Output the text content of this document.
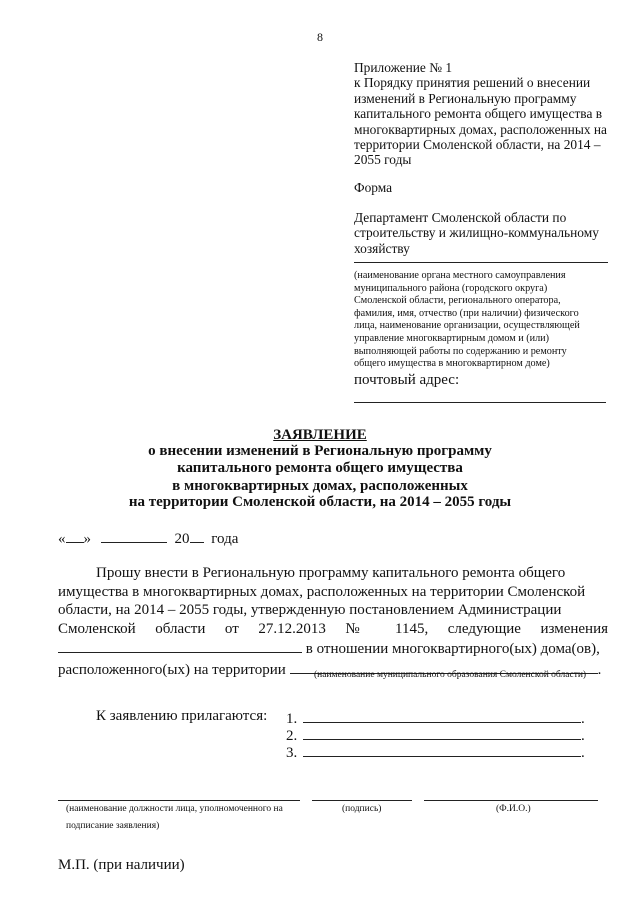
8
Приложение № 1
к Порядку принятия решений о внесении
изменений в Региональную программу
капитального ремонта общего имущества в
многоквартирных домах, расположенных на
территории Смоленской области, на 2014 –
2055 годы
Форма
Департамент Смоленской области по
строительству и жилищно-коммунальному
хозяйству
(наименование органа местного самоуправления
муниципального района (городского округа)
Смоленской области, регионального оператора,
фамилия, имя, отчество (при наличии) физического
лица, наименование организации, осуществляющей
управление многоквартирным домом и (или)
выполняющей работы по содержанию и ремонту
общего имущества в многоквартирном доме)
почтовый адрес:
ЗАЯВЛЕНИЕ
о внесении изменений в Региональную программу
капитального ремонта общего имущества
в многоквартирных домах, расположенных
на территории Смоленской области, на 2014 – 2055 годы
« »	20 года
Прошу внести в Региональную программу капитального ремонта общего
имущества в многоквартирных домах, расположенных на территории Смоленской
области, на 2014 – 2055 годы, утвержденную постановлением Администрации
Смоленской области от 27.12.2013 № 1145, следующие изменения
в отношении многоквартирного(ых) дома(ов),
расположенного(ых) на территории	.
(наименование муниципального образования Смоленской области)
К заявлению прилагаются: 1.	.
2.	.
3.	.
(наименование должности лица, уполномоченного на
подписание заявления)
(подпись)	(Ф.И.О.)
М.П. (при наличии)
